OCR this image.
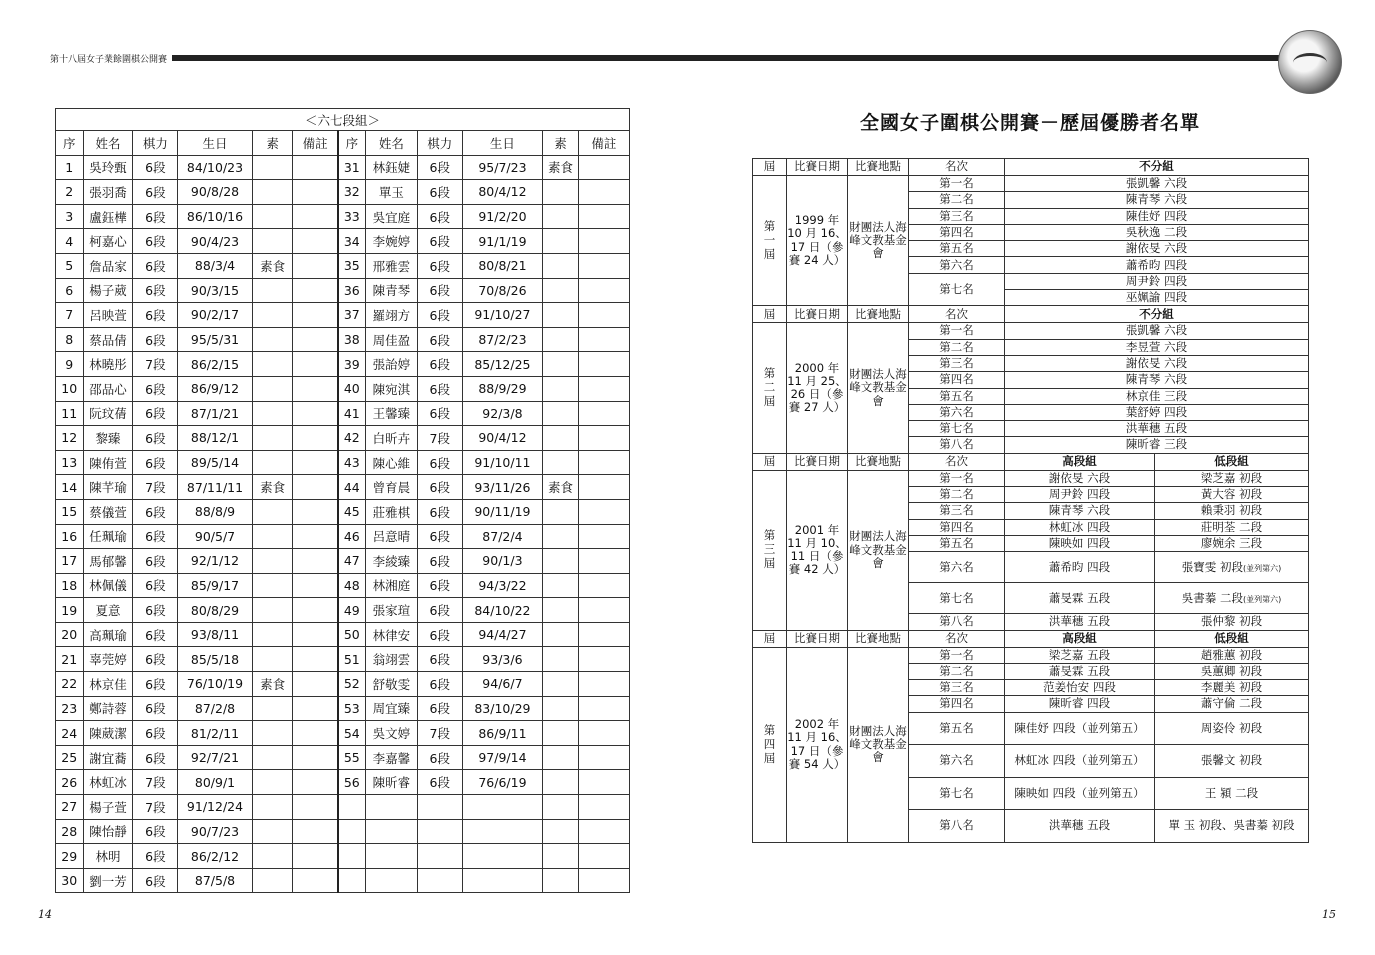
第十八屆女子業餘圍棋公開賽
＜六七段組＞											
序	姓名	棋力	生日	素	備註	序	姓名	棋力	生日	素	備註
1	吳玲甄	6段	84/10/23			31	林鈺婕	6段	95/7/23	素食	
2	張羽喬	6段	90/8/28			32	單玉	6段	80/4/12		
3	盧鈺樺	6段	86/10/16			33	吳宜庭	6段	91/2/20		
4	柯嘉心	6段	90/4/23			34	李婉婷	6段	91/1/19		
5	詹品家	6段	88/3/4	素食		35	邢雅雲	6段	80/8/21		
6	楊子葳	6段	90/3/15			36	陳青琴	6段	70/8/26		
7	呂映萱	6段	90/2/17			37	羅翊方	6段	91/10/27		
8	蔡品倩	6段	95/5/31			38	周佳盈	6段	87/2/23		
9	林曉彤	7段	86/2/15			39	張詒婷	6段	85/12/25		
10	邵品心	6段	86/9/12			40	陳宛淇	6段	88/9/29		
11	阮玟蒨	6段	87/1/21			41	王馨臻	6段	92/3/8		
12	黎臻	6段	88/12/1			42	白昕卉	7段	90/4/12		
13	陳侑萱	6段	89/5/14			43	陳心維	6段	91/10/11		
14	陳芊瑜	7段	87/11/11	素食		44	曾育晨	6段	93/11/26	素食	
15	蔡儀萱	6段	88/8/9			45	莊雅棋	6段	90/11/19		
16	任珮瑜	6段	90/5/7			46	呂意晴	6段	87/2/4		
17	馬郁馨	6段	92/1/12			47	李綾臻	6段	90/1/3		
18	林佩儀	6段	85/9/17			48	林湘庭	6段	94/3/22		
19	夏意	6段	80/8/29			49	張家瑄	6段	84/10/22		
20	高珮瑜	6段	93/8/11			50	林律安	6段	94/4/27		
21	辜莞婷	6段	85/5/18			51	翁翊雲	6段	93/3/6		
22	林京佳	6段	76/10/19	素食		52	舒敬雯	6段	94/6/7		
23	鄭詩蓉	6段	87/2/8			53	周宜臻	6段	83/10/29		
24	陳葳潔	6段	81/2/11			54	吳文婷	7段	86/9/11		
25	謝宜蕎	6段	92/7/21			55	李嘉馨	6段	97/9/14		
26	林虹冰	7段	80/9/1			56	陳昕睿	6段	76/6/19		
27	楊子萱	7段	91/12/24								
28	陳怡靜	6段	90/7/23								
29	林明	6段	86/2/12								
30	劉一芳	6段	87/5/8								
全國女子圍棋公開賽－歷屆優勝者名單
屆	比賽日期	比賽地點	名次	不分組	
第
一
屆	1999 年 10 月 16、17 日（參賽 24 人）	財團法人海峰文教基金會	第一名	張凱馨 六段	
			第二名	陳青琴 六段	
			第三名	陳佳妤 四段	
			第四名	吳秋逸 二段	
			第五名	謝依旻 六段	
			第六名	蕭希昀 四段	
			第七名	周尹鈴 四段	
				巫姵諭 四段	
屆	比賽日期	比賽地點	名次	不分組	
第
二
屆	2000 年 11 月 25、26 日（參賽 27 人）	財團法人海峰文教基金會	第一名	張凱馨 六段	
			第二名	李昱萱 六段	
			第三名	謝依旻 六段	
			第四名	陳青琴 六段	
			第五名	林京佳 三段	
			第六名	葉舒婷 四段	
			第七名	洪華穗 五段	
			第八名	陳昕睿 三段	
屆	比賽日期	比賽地點	名次	高段組	低段組
第
三
屆	2001 年 11 月 10、11 日（參賽 42 人）	財團法人海峰文教基金會	第一名	謝依旻 六段	梁芝嘉 初段
			第二名	周尹鈴 四段	黃大容 初段
			第三名	陳青琴 六段	賴秉羽 初段
			第四名	林虹冰 四段	莊明荃 二段
			第五名	陳映如 四段	廖婉余 三段
			第六名	蕭希昀 四段	張寶雯 初段(並列第六)
			第七名	蕭旻霖 五段	吳書蓁 二段(並列第六)
			第八名	洪華穗 五段	張仲黎 初段
屆	比賽日期	比賽地點	名次	高段組	低段組
第
四
屆	2002 年 11 月 16、17 日（參賽 54 人）	財團法人海峰文教基金會	第一名	梁芝嘉 五段	趙雅蕙 初段
			第二名	蕭旻霖 五段	吳蕙卿 初段
			第三名	范姜怡安 四段	李麗美 初段
			第四名	陳昕睿 四段	蕭守倫 二段
			第五名	陳佳妤 四段（並列第五）	周姿伶 初段
			第六名	林虹冰 四段（並列第五）	張馨文 初段
			第七名	陳映如 四段（並列第五）	王 潁 二段
			第八名	洪華穗 五段	單 玉 初段、吳書蓁 初段
14	15
